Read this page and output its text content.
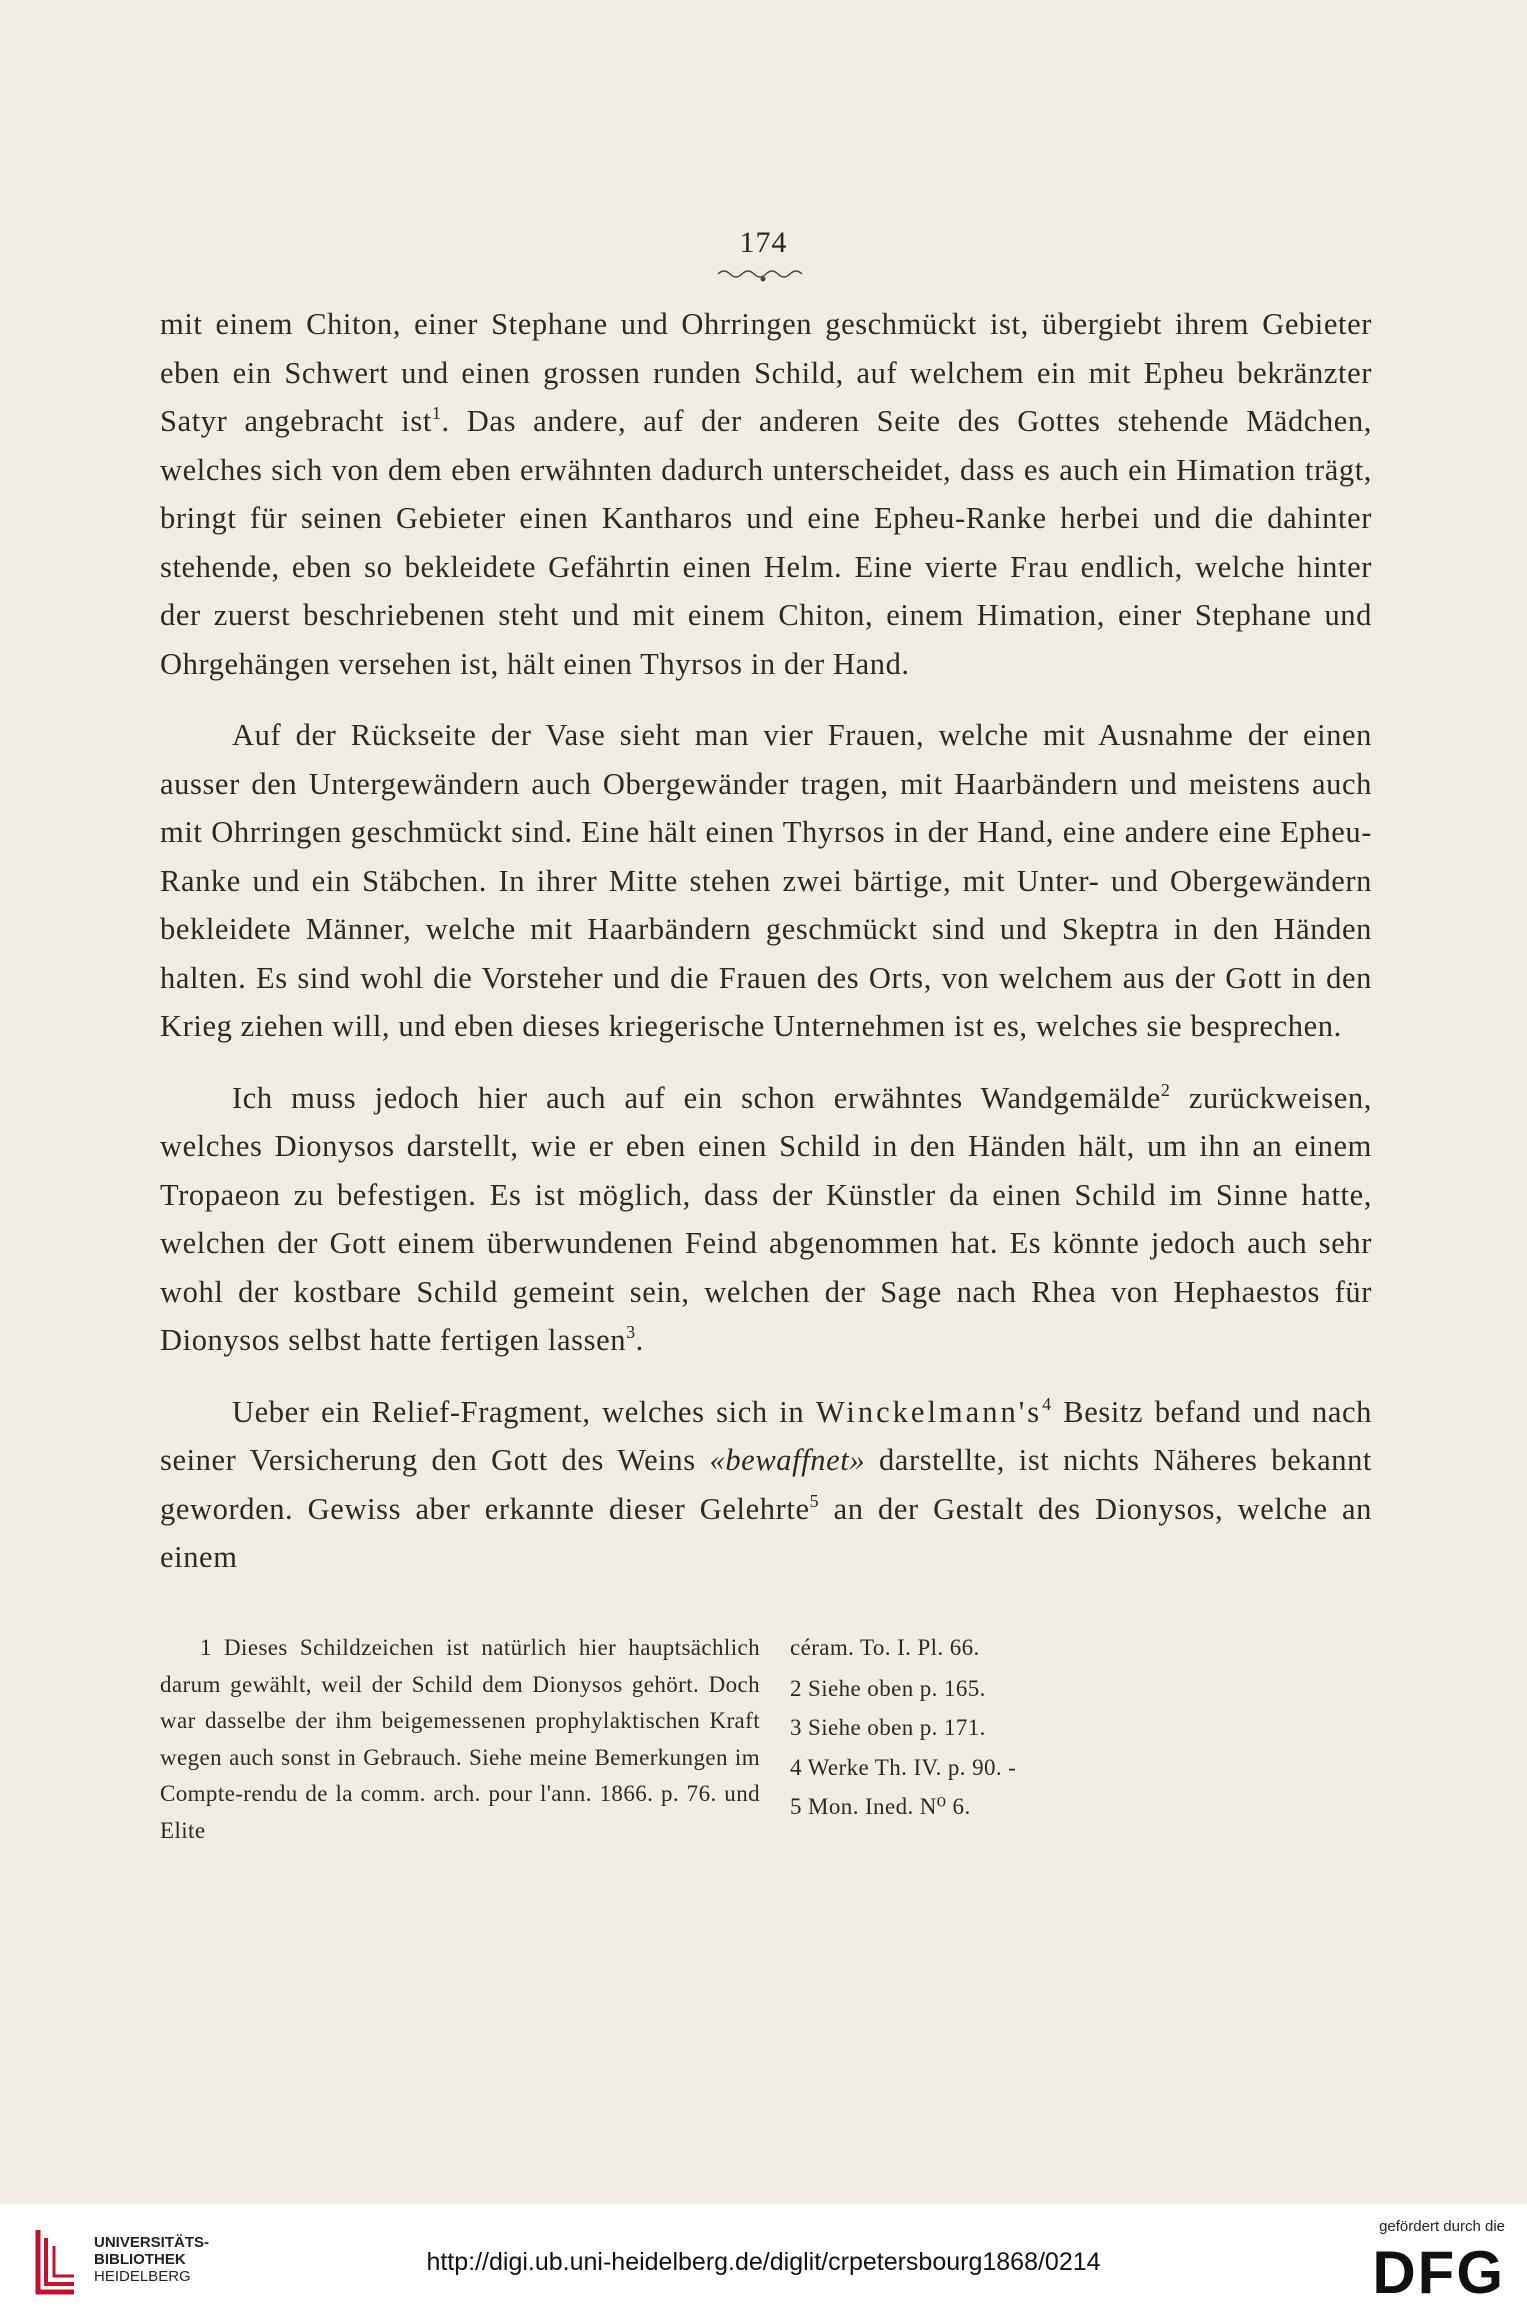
174

mit einem Chiton, einer Stephane und Ohrringen geschmückt ist, übergiebt ihrem Gebieter eben ein Schwert und einen grossen runden Schild, auf welchem ein mit Epheu bekränzter Satyr angebracht ist$^1$. Das andere, auf der anderen Seite des Gottes stehende Mädchen, welches sich von dem eben erwähnten dadurch unterscheidet, dass es auch ein Himation trägt, bringt für seinen Gebieter einen Kantharos und eine Epheu-Ranke herbei und die dahinter stehende, eben so bekleidete Gefährtin einen Helm. Eine vierte Frau endlich, welche hinter der zuerst beschriebenen steht und mit einem Chiton, einem Himation, einer Stephane und Ohrgehängen versehen ist, hält einen Thyrsos in der Hand.

Auf der Rückseite der Vase sieht man vier Frauen, welche mit Ausnahme der einen ausser den Untergewändern auch Obergewänder tragen, mit Haarbändern und meistens auch mit Ohrringen geschmückt sind. Eine hält einen Thyrsos in der Hand, eine andere eine Epheu-Ranke und ein Stäbchen. In ihrer Mitte stehen zwei bärtige, mit Unter- und Obergewändern bekleidete Männer, welche mit Haarbändern geschmückt sind und Skeptra in den Händen halten. Es sind wohl die Vorsteher und die Frauen des Orts, von welchem aus der Gott in den Krieg ziehen will, und eben dieses kriegerische Unternehmen ist es, welches sie besprechen.

Ich muss jedoch hier auch auf ein schon erwähntes Wandgemälde$^2$ zurückweisen, welches Dionysos darstellt, wie er eben einen Schild in den Händen hält, um ihn an einem Tropaeon zu befestigen. Es ist möglich, dass der Künstler da einen Schild im Sinne hatte, welchen der Gott einem überwundenen Feind abgenommen hat. Es könnte jedoch auch sehr wohl der kostbare Schild gemeint sein, welchen der Sage nach Rhea von Hephaestos für Dionysos selbst hatte fertigen lassen$^3$.

Ueber ein Relief-Fragment, welches sich in Winckelmann's$^4$ Besitz befand und nach seiner Versicherung den Gott des Weins «bewaffnet» darstellte, ist nichts Näheres bekannt geworden. Gewiss aber erkannte dieser Gelehrte$^5$ an der Gestalt des Dionysos, welche an einem

1 Dieses Schildzeichen ist natürlich hier hauptsächlich darum gewählt, weil der Schild dem Dionysos gehört. Doch war dasselbe der ihm beigemessenen prophylaktischen Kraft wegen auch sonst in Gebrauch. Siehe meine Bemerkungen im Compte-rendu de la comm. arch. pour l'ann. 1866. p. 76. und Elite

céram. To. I. Pl. 66.
2 Siehe oben p. 165.
3 Siehe oben p. 171.
4 Werke Th. IV. p. 90. -
5 Mon. Ined. N⁰ 6.
UNIVERSITÄTS-
BIBLIOTHEK
HEIDELBERG
http://digi.ub.uni-heidelberg.de/diglit/crpetersbourg1868/0214
gefördert durch die
DFG
